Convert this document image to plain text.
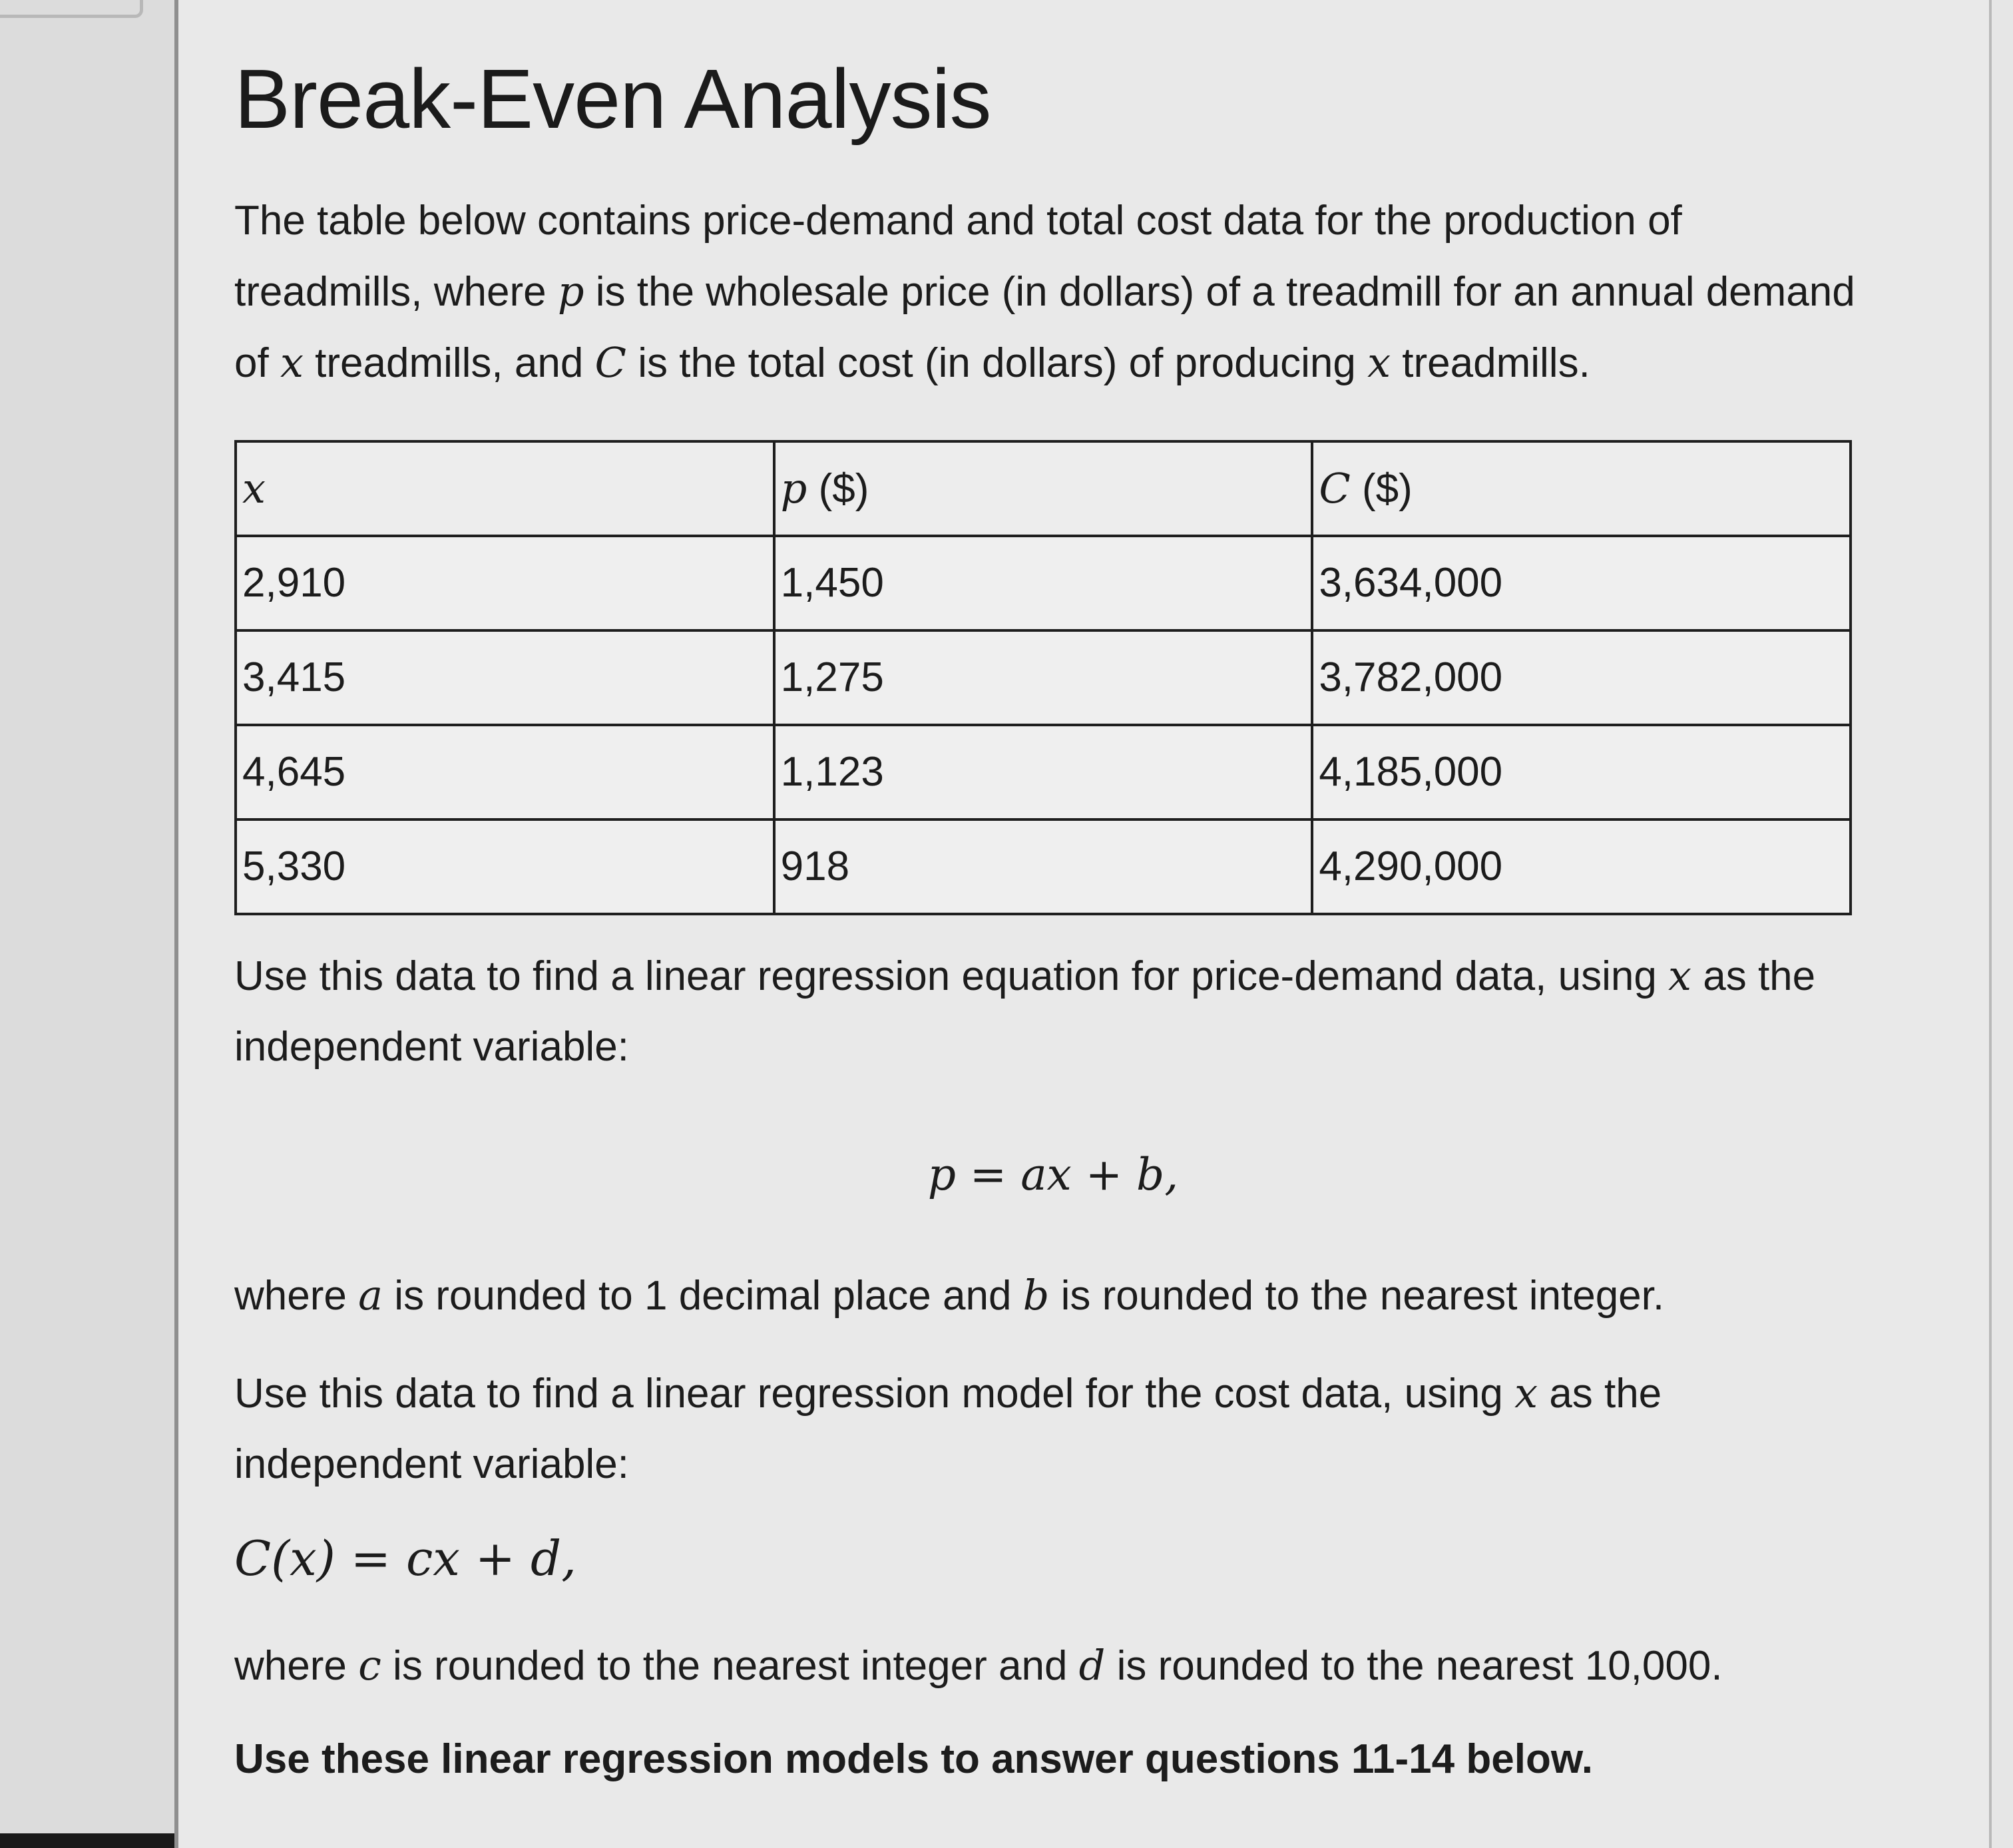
Break-Even Analysis

The table below contains price-demand and total cost data for the production of treadmills, where p is the wholesale price (in dollars) of a treadmill for an annual demand of x treadmills, and C is the total cost (in dollars) of producing x treadmills.

x	p ($)	C ($)
2,910	1,450	3,634,000
3,415	1,275	3,782,000
4,645	1,123	4,185,000
5,330	918	4,290,000

Use this data to find a linear regression equation for price-demand data, using x as the independent variable:

p = ax + b,

where a is rounded to 1 decimal place and b is rounded to the nearest integer.

Use this data to find a linear regression model for the cost data, using x as the independent variable:

C(x) = cx + d,

where c is rounded to the nearest integer and d is rounded to the nearest 10,000.

Use these linear regression models to answer questions 11-14 below.
